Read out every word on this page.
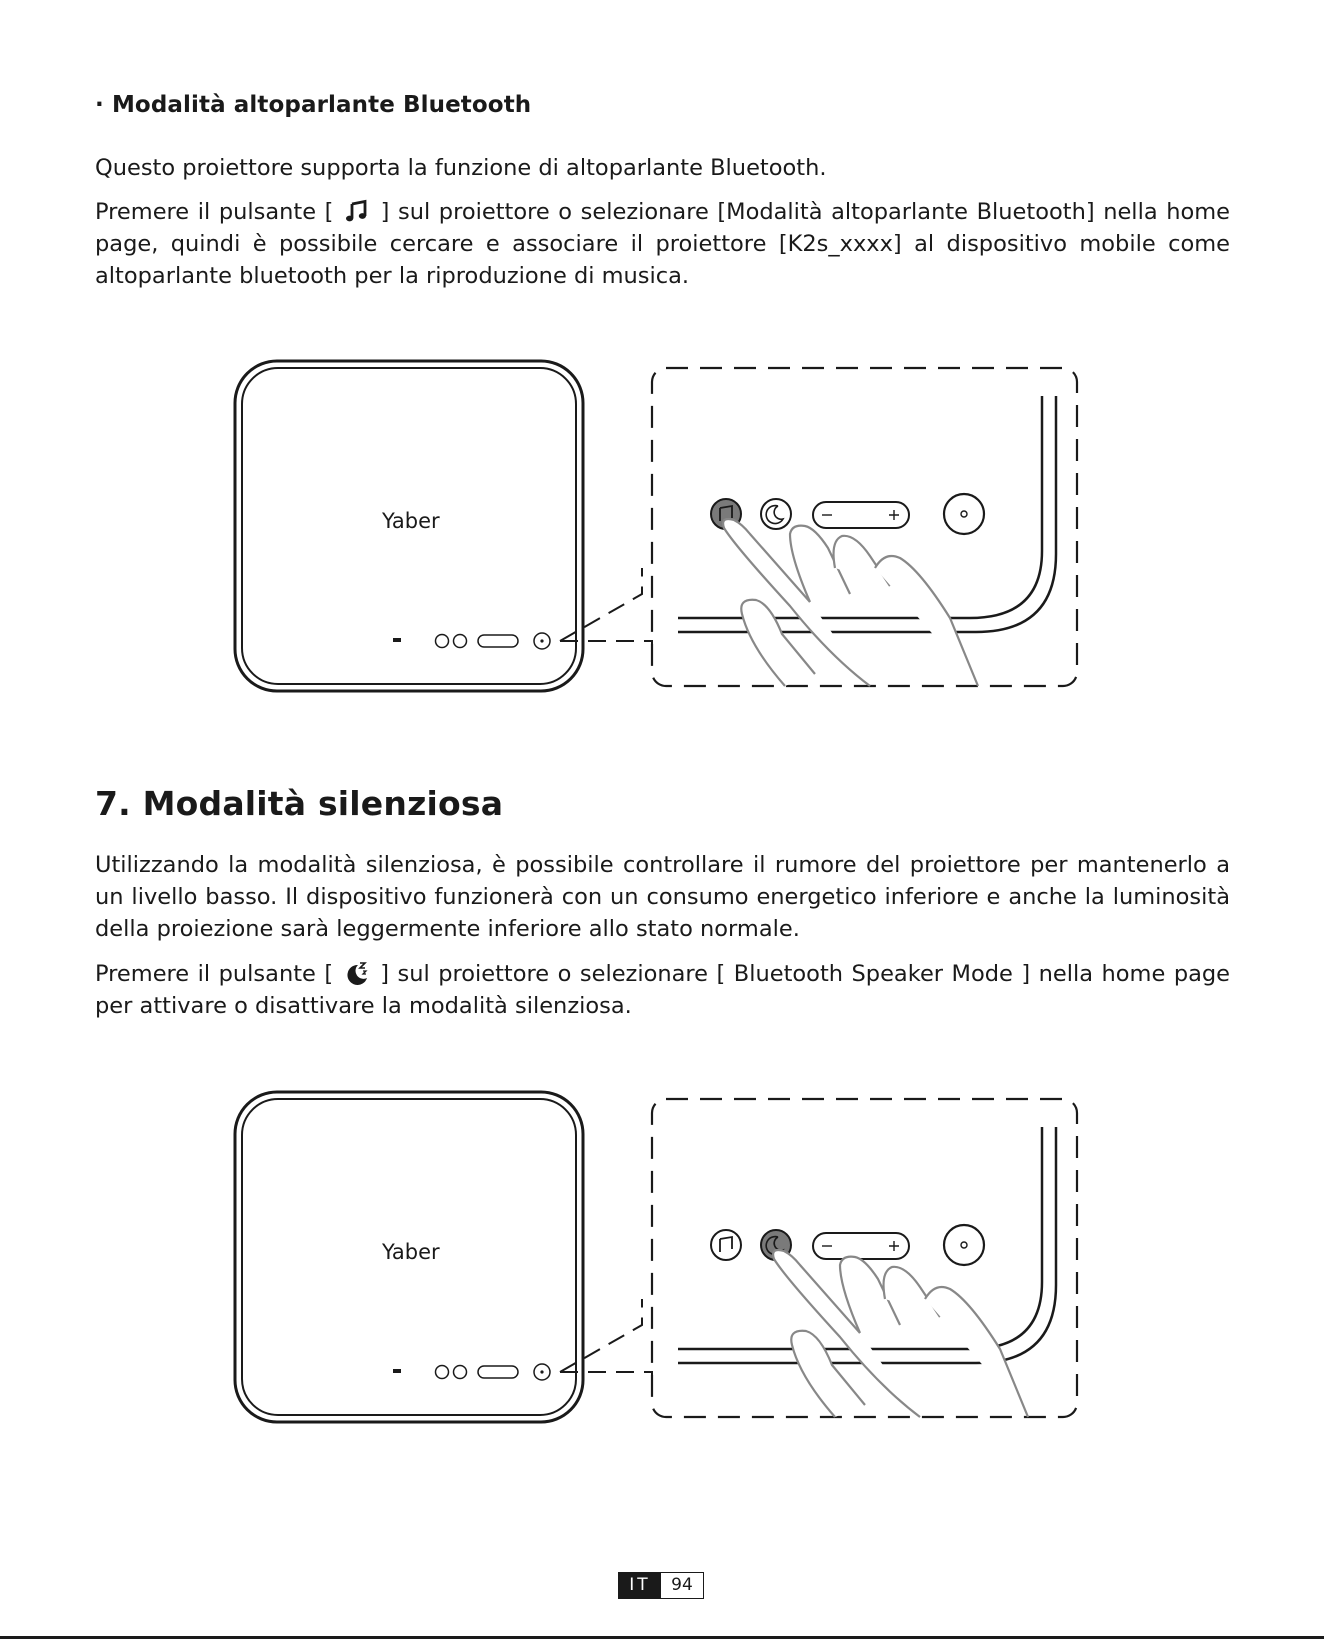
· Modalità altoparlante Bluetooth

Questo proiettore supporta la funzione di altoparlante Bluetooth.

Premere il pulsante [ ] sul proiettore o selezionare [Modalità altoparlante Bluetooth] nella home page, quindi è possibile cercare e associare il proiettore [K2s_xxxx] al dispositivo mobile come altoparlante bluetooth per la riproduzione di musica.

Yaber
7. Modalità silenziosa

Utilizzando la modalità silenziosa, è possibile controllare il rumore del proiettore per mantenerlo a un livello basso. Il dispositivo funzionerà con un consumo energetico inferiore e anche la luminosità della proiezione sarà leggermente inferiore allo stato normale.

Premere il pulsante [ ] sul proiettore o selezionare [ Bluetooth Speaker Mode ] nella home page per attivare o disattivare la modalità silenziosa.

Yaber
IT	94
